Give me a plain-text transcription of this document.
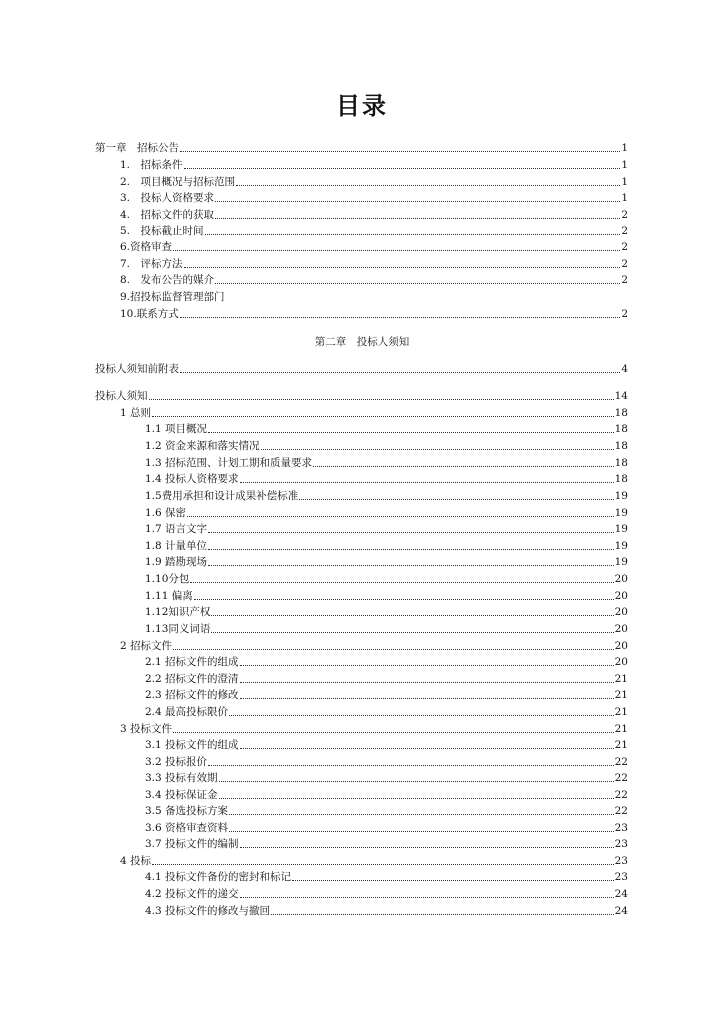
目录
第一章　招标公告	1
1.　招标条件	1
2.　项目概况与招标范围	1
3.　投标人资格要求	1
4.　招标文件的获取	2
5.　投标截止时间	2
6.资格审查	2
7.　评标方法	2
8.　发布公告的媒介	2
9.招投标监督管理部门
10.联系方式	2
第二章　投标人须知
投标人须知前附表	4
投标人须知	14
1 总则	18
1.1 项目概况	18
1.2 资金来源和落实情况	18
1.3 招标范围、计划工期和质量要求	18
1.4 投标人资格要求	18
1.5费用承担和设计成果补偿标准	19
1.6 保密	19
1.7 语言文字	19
1.8 计量单位	19
1.9 踏勘现场	19
1.10分包	20
1.11 偏离	20
1.12知识产权	20
1.13同义词语	20
2 招标文件	20
2.1 招标文件的组成	20
2.2 招标文件的澄清	21
2.3 招标文件的修改	21
2.4 最高投标限价	21
3 投标文件	21
3.1 投标文件的组成	21
3.2 投标报价	22
3.3 投标有效期	22
3.4 投标保证金	22
3.5 备选投标方案	22
3.6 资格审查资料	23
3.7 投标文件的编制	23
4 投标	23
4.1 投标文件备份的密封和标记	23
4.2 投标文件的递交	24
4.3 投标文件的修改与撤回	24
